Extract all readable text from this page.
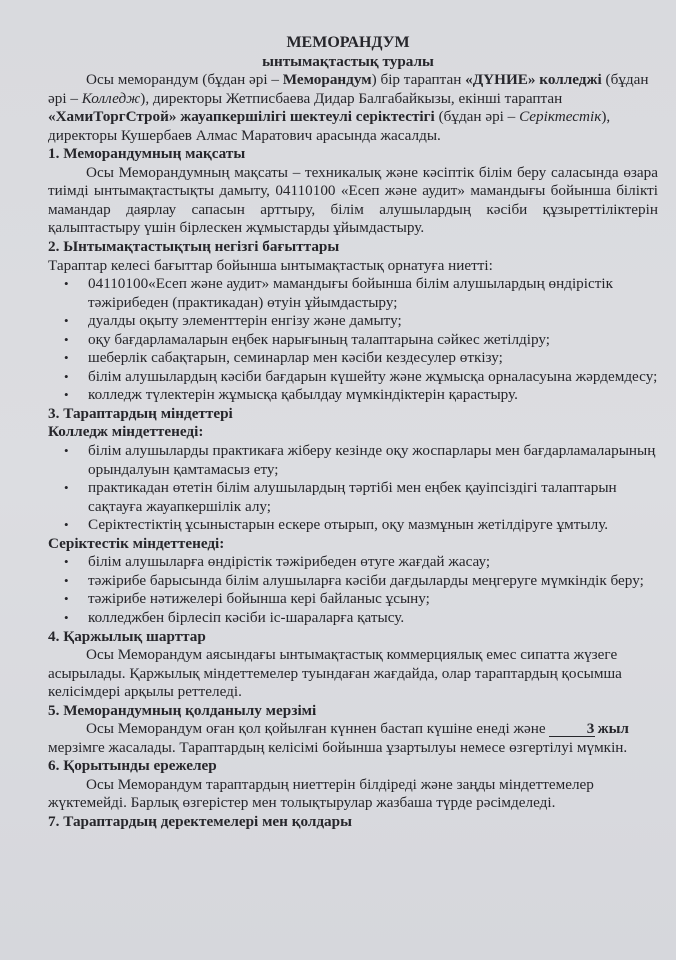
МЕМОРАНДУМ
ынтымақтастық туралы
Осы меморандум (бұдан әрі – Меморандум) бір тараптан «ДҮНИЕ» колледжі (бұдан әрі – Колледж), директоры Жетписбаева Дидар Балгабайкызы, екінші тараптан «ХамиТоргСтрой» жауапкершілігі шектеулі серіктестігі (бұдан әрі – Серіктестік), директоры Кушербаев Алмас Маратович арасында жасалды.
1. Меморандумның мақсаты
Осы Меморандумның мақсаты – техникалық және кәсіптік білім беру саласында өзара тиімді ынтымақтастықты дамыту, 04110100 «Есеп және аудит» мамандығы бойынша білікті мамандар даярлау сапасын арттыру, білім алушылардың кәсіби құзыреттіліктерін қалыптастыру үшін бірлескен жұмыстарды ұйымдастыру.
2. Ынтымақтастықтың негізгі бағыттары
Тараптар келесі бағыттар бойынша ынтымақтастық орнатуға ниетті:
• 04110100«Есеп және аудит» мамандығы бойынша білім алушылардың өндірістік тәжірибеден (практикадан) өтуін ұйымдастыру;
• дуалды оқыту элементтерін енгізу және дамыту;
• оқу бағдарламаларын еңбек нарығының талаптарына сәйкес жетілдіру;
• шеберлік сабақтарын, семинарлар мен кәсіби кездесулер өткізу;
• білім алушылардың кәсіби бағдарын күшейту және жұмысқа орналасуына жәрдемдесу;
• колледж түлектерін жұмысқа қабылдау мүмкіндіктерін қарастыру.
3. Тараптардың міндеттері
Колледж міндеттенеді:
• білім алушыларды практикаға жіберу кезінде оқу жоспарлары мен бағдарламаларының орындалуын қамтамасыз ету;
• практикадан өтетін білім алушылардың тәртібі мен еңбек қауіпсіздігі талаптарын сақтауға жауапкершілік алу;
• Серіктестіктің ұсыныстарын ескере отырып, оқу мазмұнын жетілдіруге ұмтылу.
Серіктестік міндеттенеді:
• білім алушыларға өндірістік тәжірибеден өтуге жағдай жасау;
• тәжірибе барысында білім алушыларға кәсіби дағдыларды меңгеруге мүмкіндік беру;
• тәжірибе нәтижелері бойынша кері байланыс ұсыну;
• колледжбен бірлесіп кәсіби іс-шараларға қатысу.
4. Қаржылық шарттар
Осы Меморандум аясындағы ынтымақтастық коммерциялық емес сипатта жүзеге асырылады. Қаржылық міндеттемелер туындаған жағдайда, олар тараптардың қосымша келісімдері арқылы реттеледі.
5. Меморандумның қолданылу мерзімі
Осы Меморандум оған қол қойылған күннен бастап күшіне енеді және	3 жыл мерзімге жасалады. Тараптардың келісімі бойынша ұзартылуы немесе өзгертілуі мүмкін.
6. Қорытынды ережелер
Осы Меморандум тараптардың ниеттерін білдіреді және заңды міндеттемелер жүктемейді. Барлық өзгерістер мен толықтырулар жазбаша түрде рәсімделеді.
7. Тараптардың деректемелері мен қолдары
